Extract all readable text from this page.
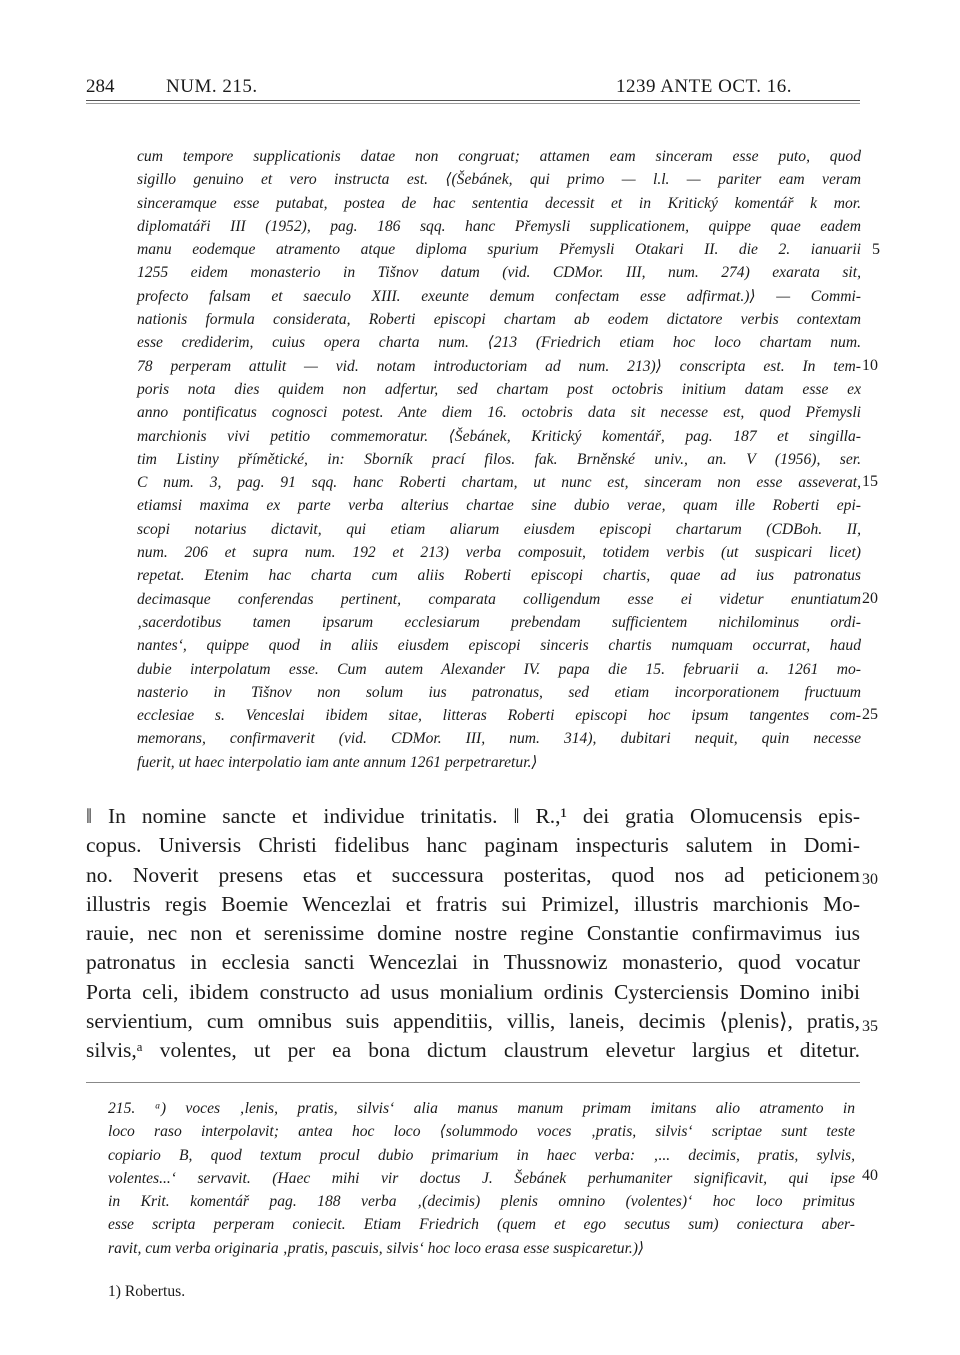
284	NUM. 215.	1239 ANTE OCT. 16.

cum tempore supplicationis datae non congruat; attamen eam sinceram esse puto, quod

sigillo genuino et vero instructa est. ⟨(Šebánek, qui primo — l.l. — pariter eam veram

sinceramque esse putabat, postea de hac sententia decessit et in Kritický komentář k mor.

diplomatáři III (1952), pag. 186 sqq. hanc Přemysli supplicationem, quippe quae eadem

manu eodemque atramento atque diploma spurium Přemysli Otakari II. die 2. ianuarii

1255 eidem monasterio in Tišnov datum (vid. CDMor. III, num. 274) exarata sit,

profecto falsam et saeculo XIII. exeunte demum confectam esse adfirmat.)⟩ — Commi-

nationis formula considerata, Roberti episcopi chartam ab eodem dictatore verbis contextam

esse crediderim, cuius opera charta num. ⟨213 (Friedrich etiam hoc loco chartam num.

78 perperam attulit — vid. notam introductoriam ad num. 213)⟩ conscripta est. In tem-

poris nota dies quidem non adfertur, sed chartam post octobris initium datam esse ex

anno pontificatus cognosci potest. Ante diem 16. octobris data sit necesse est, quod Přemysli

marchionis vivi petitio commemoratur. ⟨Šebánek, Kritický komentář, pag. 187 et singilla-

tim Listiny přímětické, in: Sborník prací filos. fak. Brněnské univ., an. V (1956), ser.

C num. 3, pag. 91 sqq. hanc Roberti chartam, ut nunc est, sinceram non esse asseverat,

etiamsi maxima ex parte verba alterius chartae sine dubio verae, quam ille Roberti epi-

scopi notarius dictavit, qui etiam aliarum eiusdem episcopi chartarum (CDBoh. II,

num. 206 et supra num. 192 et 213) verba composuit, totidem verbis (ut suspicari licet)

repetat. Etenim hac charta cum aliis Roberti episcopi chartis, quae ad ius patronatus

decimasque conferendas pertinent, comparata colligendum esse ei videtur enuntiatum

‚sacerdotibus tamen ipsarum ecclesiarum prebendam sufficientem nichilominus ordi-

nantes‘, quippe quod in aliis eiusdem episcopi sinceris chartis numquam occurrat, haud

dubie interpolatum esse. Cum autem Alexander IV. papa die 15. februarii a. 1261 mo-

nasterio in Tišnov non solum ius patronatus, sed etiam incorporationem fructuum

ecclesiae s. Venceslai ibidem sitae, litteras Roberti episcopi hoc ipsum tangentes com-

memorans, confirmaverit (vid. CDMor. III, num. 314), dubitari nequit, quin necesse

fuerit, ut haec interpolatio iam ante annum 1261 perpetraretur.⟩

5
10
15
20
25

‖ In nomine sancte et individue trinitatis. ‖ R.,¹ dei gratia Olomucensis epis-

copus. Universis Christi fidelibus hanc paginam inspecturis salutem in Domi-

no. Noverit presens etas et successura posteritas, quod nos ad peticionem

illustris regis Boemie Wencezlai et fratris sui Primizel, illustris marchionis Mo-

rauie, nec non et serenissime domine nostre regine Constantie confirmavimus ius

patronatus in ecclesia sancti Wencezlai in Thussnowiz monasterio, quod vocatur

Porta celi, ibidem constructo ad usus monialium ordinis Cysterciensis Domino inibi

servientium, cum omnibus suis appenditiis, villis, laneis, decimis ⟨plenis⟩, pratis,

silvis,ᵃ volentes, ut per ea bona dictum claustrum elevetur largius et ditetur.

30
35

215. ᵃ) voces ‚lenis, pratis, silvis‘ alia manus manum primam imitans alio atramento in

loco raso interpolavit; antea hoc loco ⟨solummodo voces ‚pratis, silvis‘ scriptae sunt teste

copiario B, quod textum procul dubio primarium in haec verba: ‚... decimis, pratis, sylvis,

volentes...‘ servavit. (Haec mihi vir doctus J. Šebánek perhumaniter significavit, qui ipse

in Krit. komentář pag. 188 verba ‚(decimis) plenis omnino (volentes)‘ hoc loco primitus

esse scripta perperam coniecit. Etiam Friedrich (quem et ego secutus sum) coniectura aber-

ravit, cum verba originaria ‚pratis, pascuis, silvis‘ hoc loco erasa esse suspicaretur.)⟩

40
1) Robertus.
